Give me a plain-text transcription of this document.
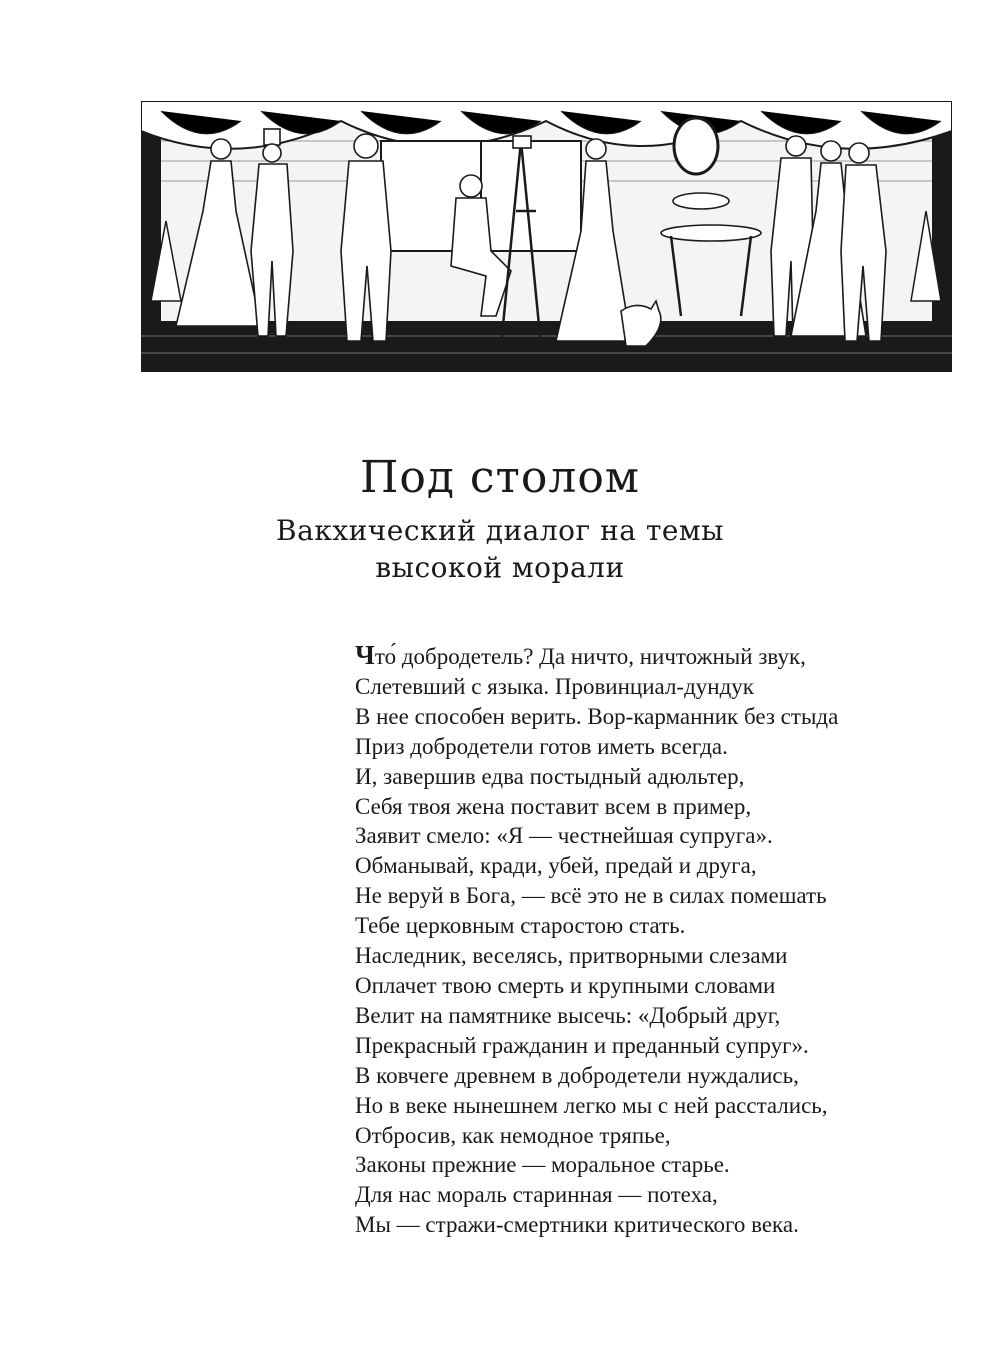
Под столом
Вакхический диалог на темы
высокой морали
Что́ добродетель? Да ничто, ничтожный звук,
Слетевший с языка. Провинциал-дундук
В нее способен верить. Вор-карманник без стыда
Приз добродетели готов иметь всегда.
И, завершив едва постыдный адюльтер,
Себя твоя жена поставит всем в пример,
Заявит смело: «Я — честнейшая супруга».
Обманывай, кради, убей, предай и друга,
Не веруй в Бога, — всё это не в силах помешать
Тебе церковным старостою стать.
Наследник, веселясь, притворными слезами
Оплачет твою смерть и крупными словами
Велит на памятнике высечь: «Добрый друг,
Прекрасный гражданин и преданный супруг».
В ковчеге древнем в добродетели нуждались,
Но в веке нынешнем легко мы с ней расстались,
Отбросив, как немодное тряпье,
Законы прежние — моральное старье.
Для нас мораль старинная — потеха,
Мы — стражи-смертники критического века.
